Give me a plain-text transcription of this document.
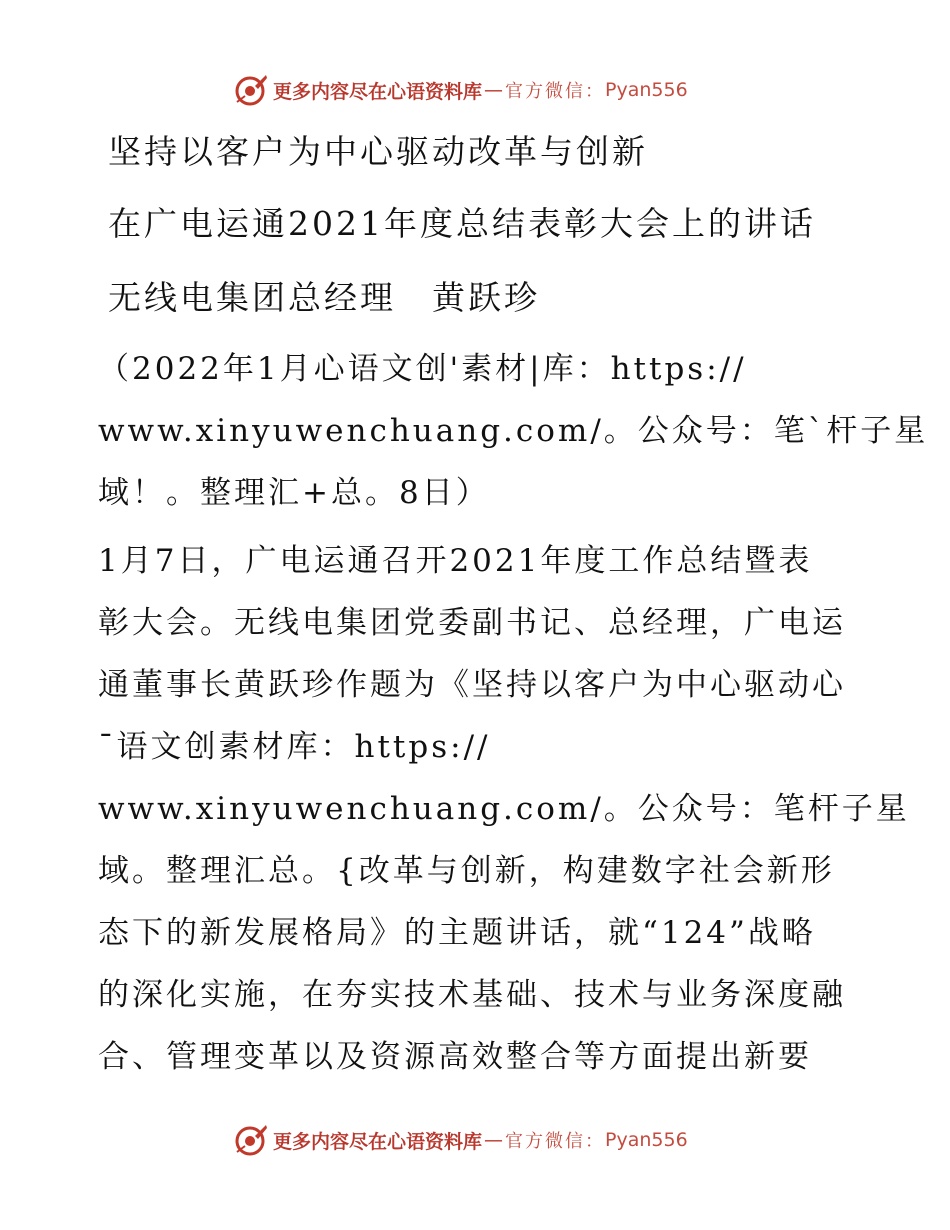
更多内容尽在心语资料库 — 官方微信： Pyan556
坚持以客户为中心驱动改革与创新
在广电运通2021年度总结表彰大会上的讲话
无线电集团总经理　黄跃珍
（2022年1月心语文创'素材|库：https://
www.xinyuwenchuang.com/。公众号：笔`杆子星
域！。整理汇+总。8日）
1月7日，广电运通召开2021年度工作总结暨表
彰大会。无线电集团党委副书记、总经理，广电运
通董事长黄跃珍作题为《坚持以客户为中心驱动心
¯语文创素材库：https://
www.xinyuwenchuang.com/。公众号：笔杆子星
域。整理汇总。{改革与创新，构建数字社会新形
态下的新发展格局》的主题讲话，就“124”战略
的深化实施，在夯实技术基础、技术与业务深度融
合、管理变革以及资源高效整合等方面提出新要
更多内容尽在心语资料库 — 官方微信： Pyan556
